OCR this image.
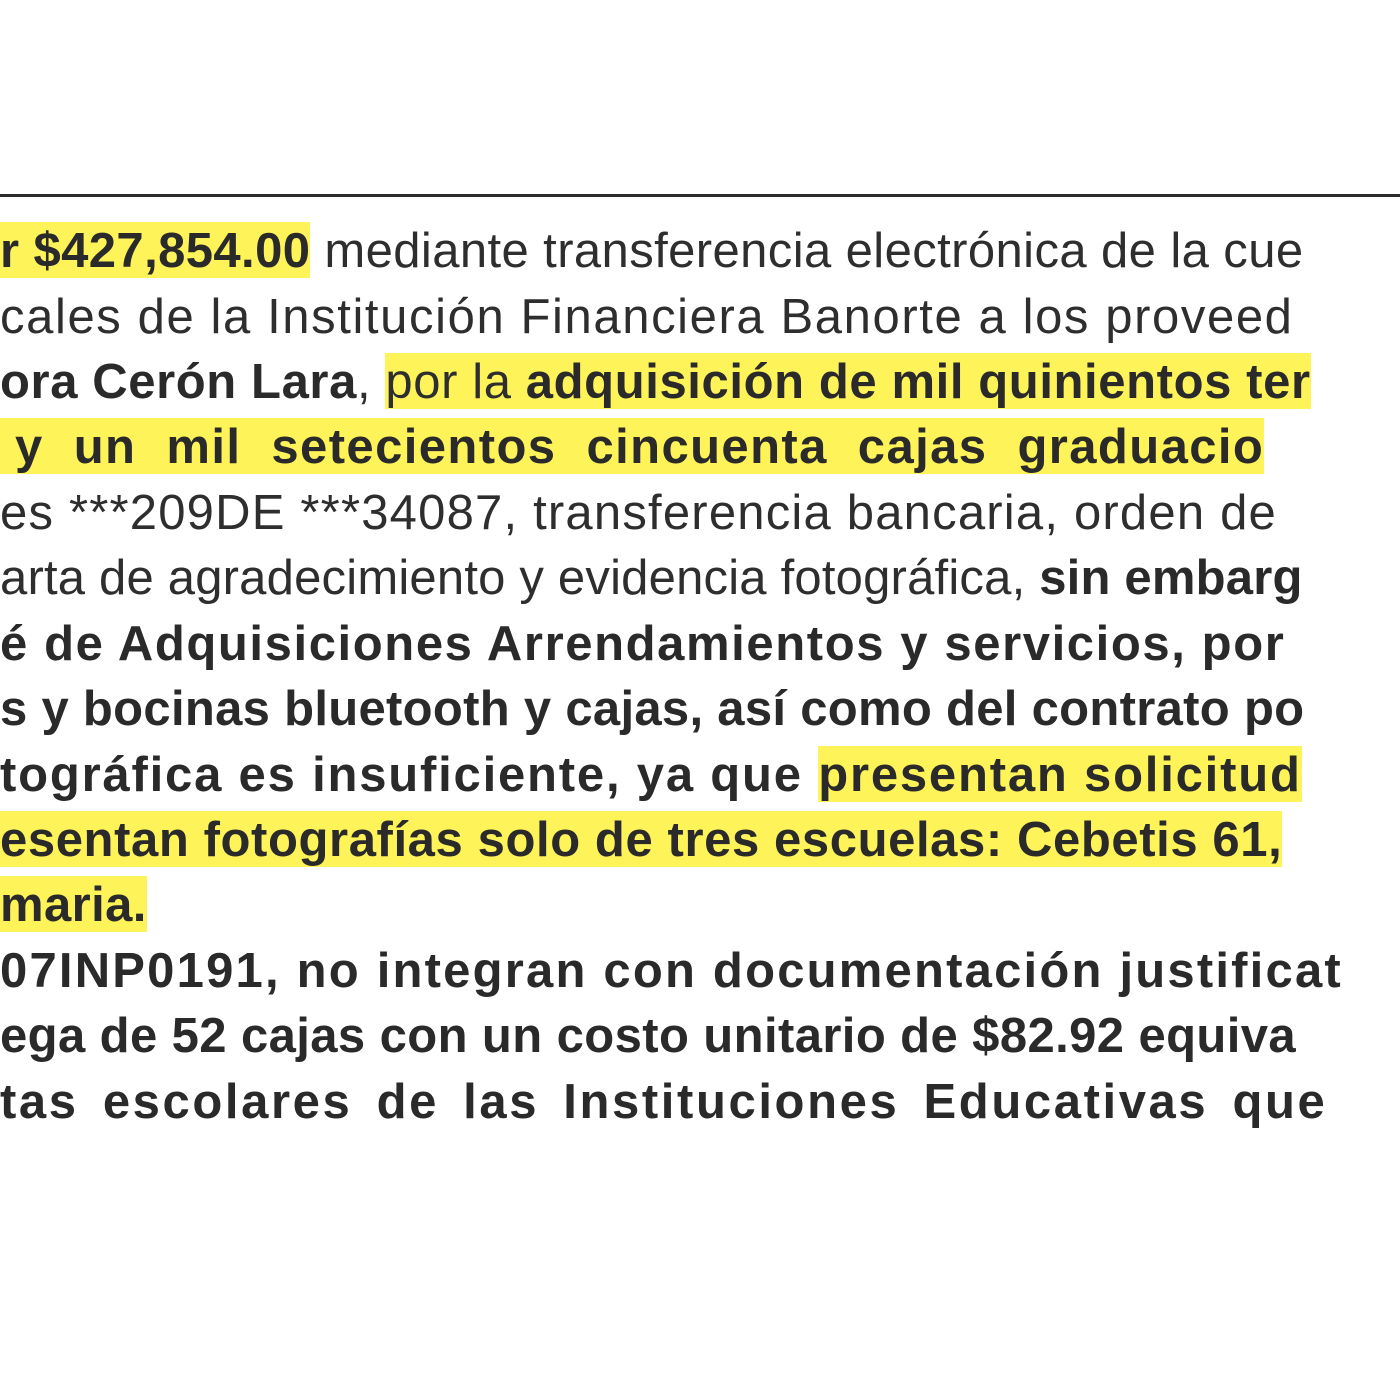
r $427,854.00 mediante transferencia electrónica de la cue
cales de la Institución Financiera Banorte a los proveed
ora Cerón Lara, por la adquisición de mil quinientos ter
y  un  mil  setecientos  cincuenta  cajas  graduacio
es ***209DE ***34087, transferencia bancaria, orden de
arta de agradecimiento y evidencia fotográfica, sin embarg
é de Adquisiciones Arrendamientos y servicios, por
s y bocinas bluetooth y cajas, así como del contrato po
tográfica es insuficiente, ya que presentan solicitud
esentan fotografías solo de tres escuelas: Cebetis 61,
maria.
07INP0191, no integran con documentación justificat
ega de 52 cajas con un costo unitario de $82.92 equiva
tas escolares de las Instituciones Educativas que
